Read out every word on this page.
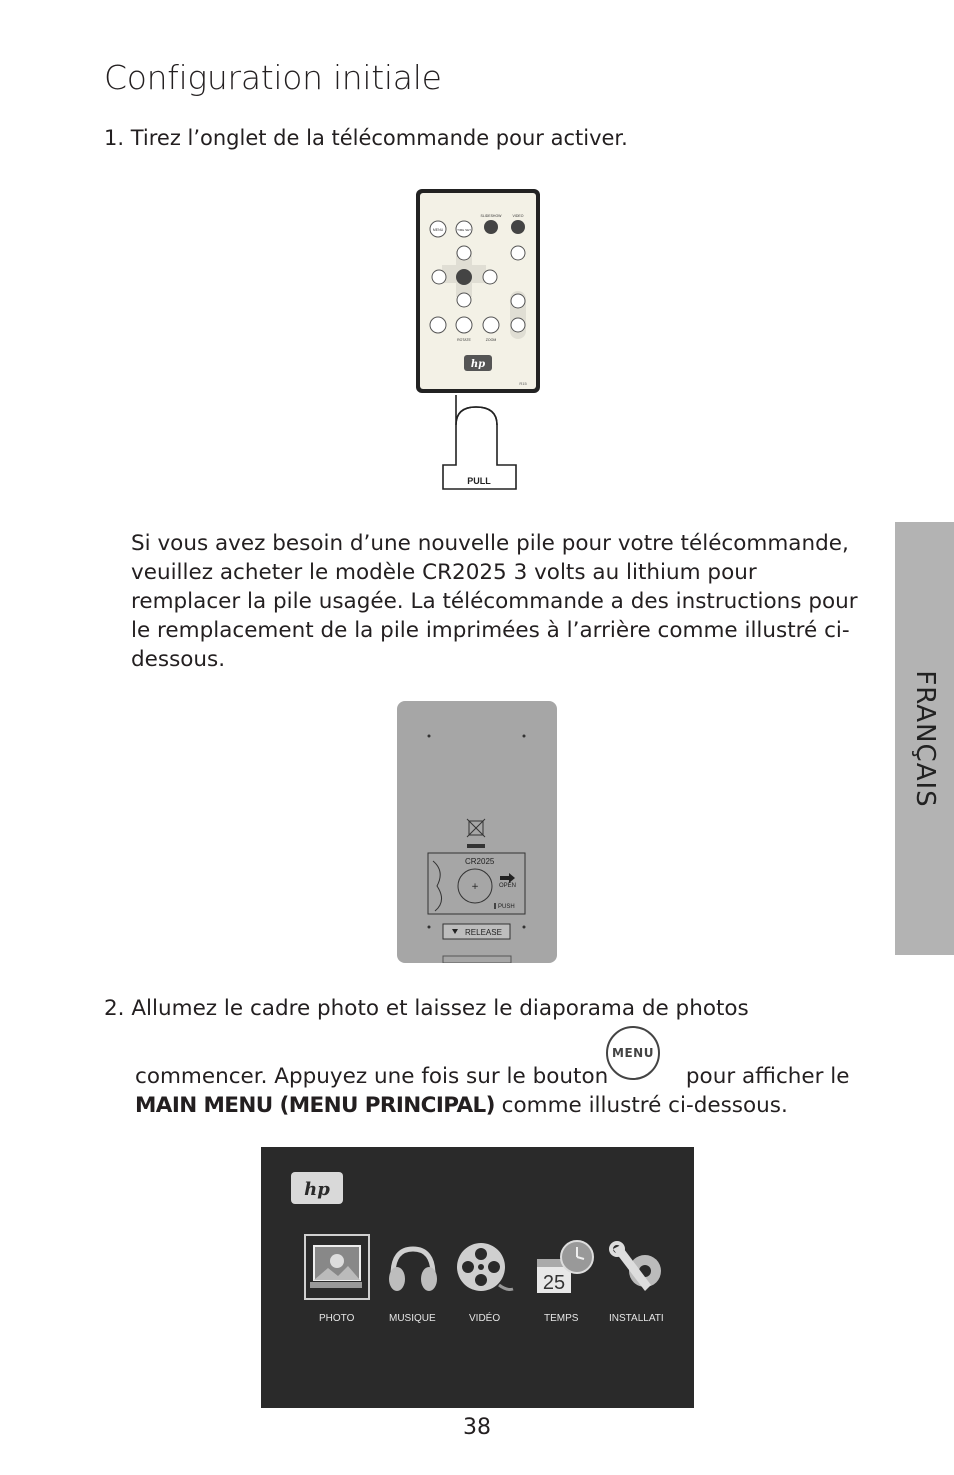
Configuration initiale
1. Tirez l’onglet de la télécommande pour activer.
PULL
MENU	TIME SET
SLIDESHOW	VIDEO
ROTATE	ZOOM
hp
R15
Si vous avez besoin d’une nouvelle pile pour votre télécommande, veuillez acheter le modèle CR2025 3 volts au lithium pour remplacer la pile usagée. La télécommande a des instructions pour le remplacement de la pile imprimées à l’arrière comme illustré ci-dessous.
CR2025
+	OPEN
PUSH
RELEASE
2. Allumez le cadre photo et laissez le diaporama de photos
MENU
commencer. Appuyez une fois sur le bouton	pour afficher le
MAIN MENU (MENU PRINCIPAL) comme illustré ci-dessous.
hp
PHOTO	MUSIQUE	VIDÉO
25
TEMPS	INSTALLATI
FRANÇAIS
38
